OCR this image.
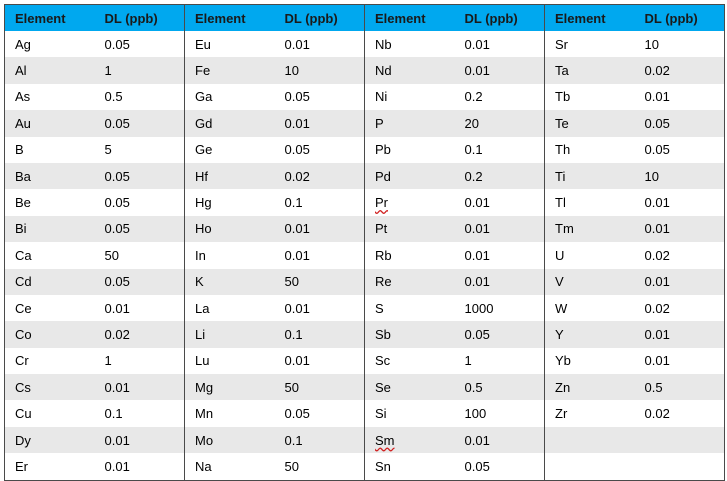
Element	DL (ppb)	Element	DL (ppb)	Element	DL (ppb)	Element	DL (ppb)
Ag	0.05	Eu	0.01	Nb	0.01	Sr	10
Al	1	Fe	10	Nd	0.01	Ta	0.02
As	0.5	Ga	0.05	Ni	0.2	Tb	0.01
Au	0.05	Gd	0.01	P	20	Te	0.05
B	5	Ge	0.05	Pb	0.1	Th	0.05
Ba	0.05	Hf	0.02	Pd	0.2	Ti	10
Be	0.05	Hg	0.1	Pr	0.01	Tl	0.01
Bi	0.05	Ho	0.01	Pt	0.01	Tm	0.01
Ca	50	In	0.01	Rb	0.01	U	0.02
Cd	0.05	K	50	Re	0.01	V	0.01
Ce	0.01	La	0.01	S	1000	W	0.02
Co	0.02	Li	0.1	Sb	0.05	Y	0.01
Cr	1	Lu	0.01	Sc	1	Yb	0.01
Cs	0.01	Mg	50	Se	0.5	Zn	0.5
Cu	0.1	Mn	0.05	Si	100	Zr	0.02
Dy	0.01	Mo	0.1	Sm	0.01		
Er	0.01	Na	50	Sn	0.05		
